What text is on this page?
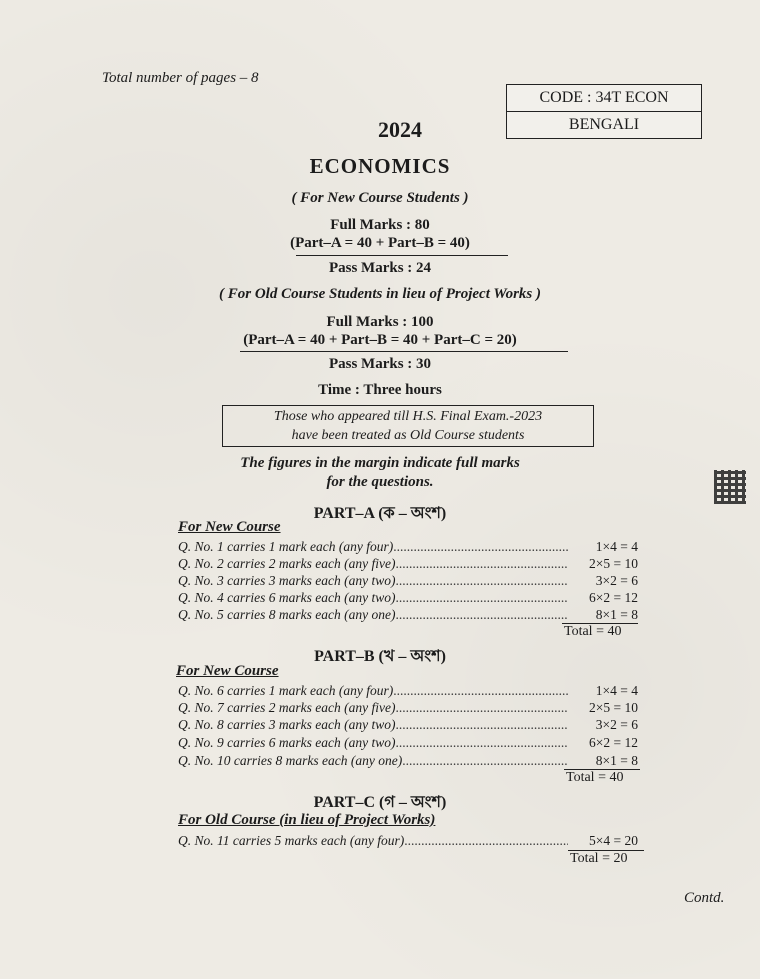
Total number of pages – 8
CODE : 34T ECON
BENGALI
2024
ECONOMICS
( For New Course Students )
Full Marks : 80
(Part–A = 40 + Part–B = 40)
Pass Marks : 24
( For Old Course Students in lieu of Project Works )
Full Marks : 100
(Part–A = 40 + Part–B = 40 + Part–C = 20)
Pass Marks : 30
Time : Three hours
Those who appeared till H.S. Final Exam.-2023
have been treated as Old Course students
The figures in the margin indicate full marks
for the questions.
PART–A (ক – অংশ)
For New Course
Q. No. 1 carries 1 mark each (any four) .....	1×4 = 4
Q. No. 2 carries 2 marks each (any five) .....	2×5 = 10
Q. No. 3 carries 3 marks each (any two) .....	3×2 = 6
Q. No. 4 carries 6 marks each (any two) .....	6×2 = 12
Q. No. 5 carries 8 marks each (any one) .....	8×1 = 8
Total = 40
PART–B (খ – অংশ)
For New Course
Q. No. 6 carries 1 mark each (any four) .....	1×4 = 4
Q. No. 7 carries 2 marks each (any five) .....	2×5 = 10
Q. No. 8 carries 3 marks each (any two) .....	3×2 = 6
Q. No. 9 carries 6 marks each (any two) .....	6×2 = 12
Q. No. 10 carries 8 marks each (any one) .....	8×1 = 8
Total = 40
PART–C (গ – অংশ)
For Old Course (in lieu of Project Works)
Q. No. 11 carries 5 marks each (any four) .....	5×4 = 20
Total = 20
Contd.
